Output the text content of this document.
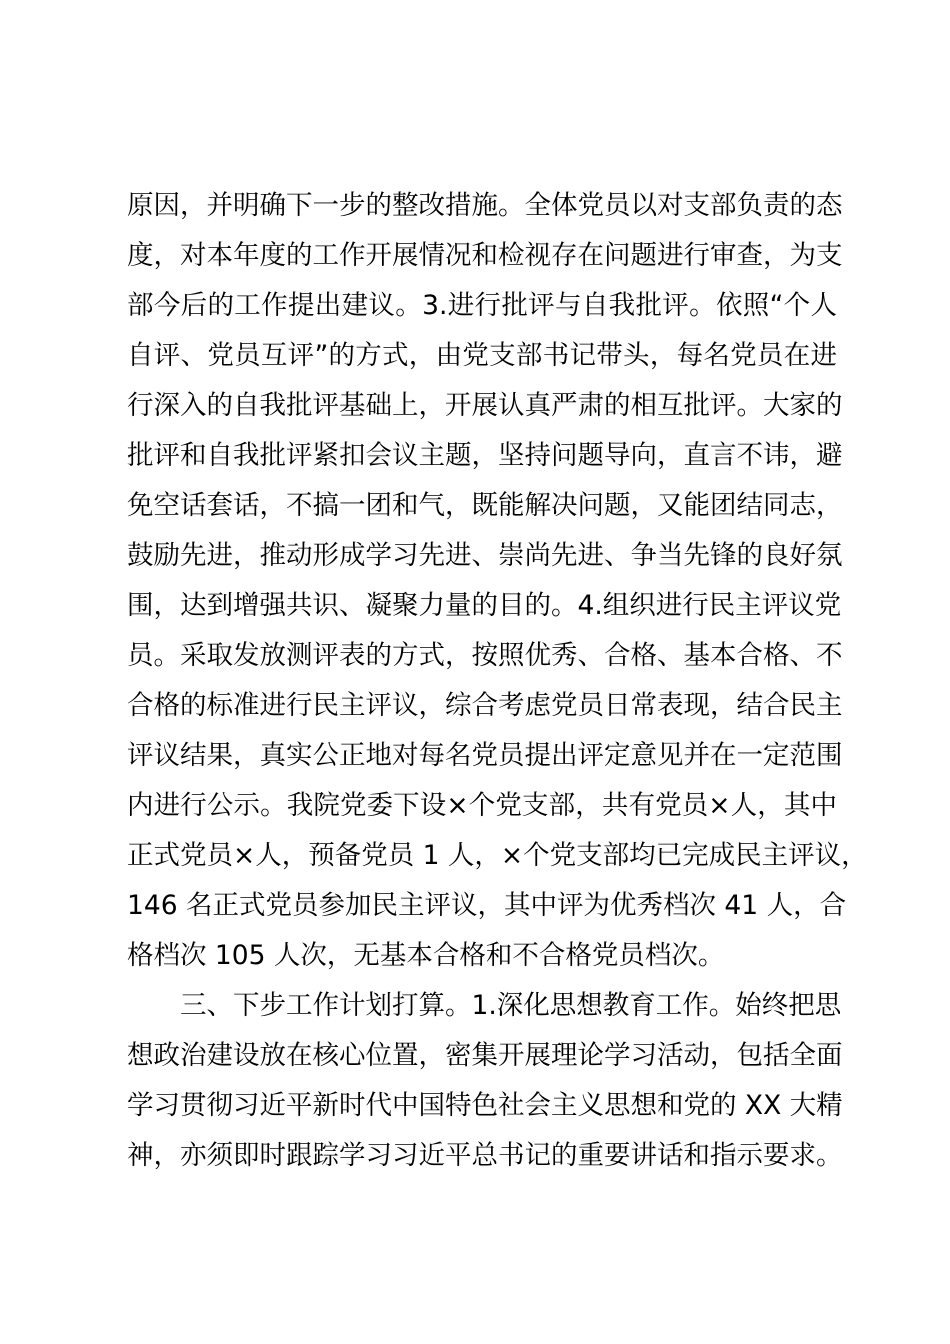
原因，并明确下一步的整改措施。全体党员以对支部负责的态
度，对本年度的工作开展情况和检视存在问题进行审查，为支
部今后的工作提出建议。3.进行批评与自我批评。依照“个人
自评、党员互评”的方式，由党支部书记带头，每名党员在进
行深入的自我批评基础上，开展认真严肃的相互批评。大家的
批评和自我批评紧扣会议主题，坚持问题导向，直言不讳，避
免空话套话，不搞一团和气，既能解决问题，又能团结同志，
鼓励先进，推动形成学习先进、崇尚先进、争当先锋的良好氛
围，达到增强共识、凝聚力量的目的。4.组织进行民主评议党
员。采取发放测评表的方式，按照优秀、合格、基本合格、不
合格的标准进行民主评议，综合考虑党员日常表现，结合民主
评议结果，真实公正地对每名党员提出评定意见并在一定范围
内进行公示。我院党委下设×个党支部，共有党员×人，其中
正式党员×人，预备党员 1 人，×个党支部均已完成民主评议，
146 名正式党员参加民主评议，其中评为优秀档次 41 人，合
格档次 105 人次，无基本合格和不合格党员档次。
三、下步工作计划打算。1.深化思想教育工作。始终把思
想政治建设放在核心位置，密集开展理论学习活动，包括全面
学习贯彻习近平新时代中国特色社会主义思想和党的 XX 大精
神，亦须即时跟踪学习习近平总书记的重要讲话和指示要求。
